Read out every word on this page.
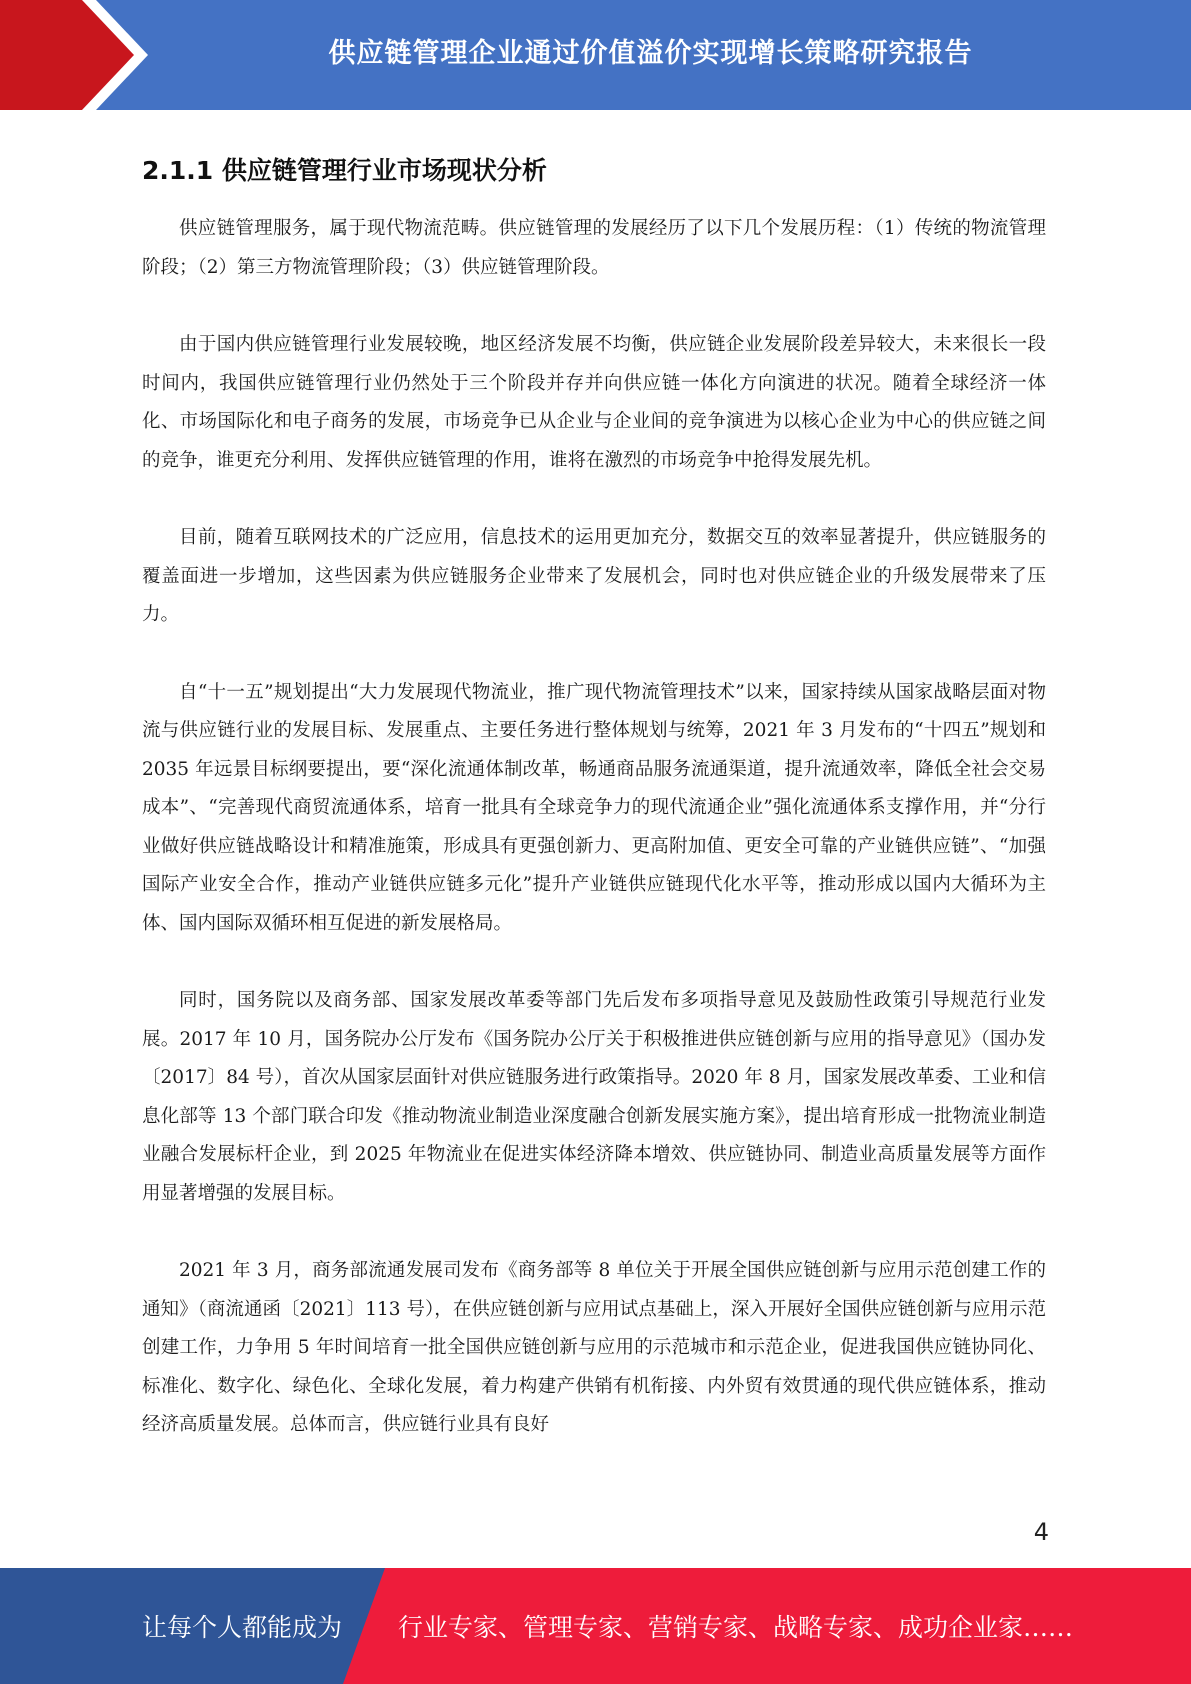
供应链管理企业通过价值溢价实现增长策略研究报告
2.1.1 供应链管理行业市场现状分析

供应链管理服务，属于现代物流范畴。供应链管理的发展经历了以下几个发展历程：（1）传统的物流管理阶段；（2）第三方物流管理阶段；（3）供应链管理阶段。

由于国内供应链管理行业发展较晚，地区经济发展不均衡，供应链企业发展阶段差异较大，未来很长一段时间内，我国供应链管理行业仍然处于三个阶段并存并向供应链一体化方向演进的状况。随着全球经济一体化、市场国际化和电子商务的发展，市场竞争已从企业与企业间的竞争演进为以核心企业为中心的供应链之间的竞争，谁更充分利用、发挥供应链管理的作用，谁将在激烈的市场竞争中抢得发展先机。

目前，随着互联网技术的广泛应用，信息技术的运用更加充分，数据交互的效率显著提升，供应链服务的覆盖面进一步增加，这些因素为供应链服务企业带来了发展机会，同时也对供应链企业的升级发展带来了压力。

自“十一五”规划提出“大力发展现代物流业，推广现代物流管理技术”以来，国家持续从国家战略层面对物流与供应链行业的发展目标、发展重点、主要任务进行整体规划与统筹，2021 年 3 月发布的“十四五”规划和 2035 年远景目标纲要提出，要“深化流通体制改革，畅通商品服务流通渠道，提升流通效率，降低全社会交易成本”、“完善现代商贸流通体系，培育一批具有全球竞争力的现代流通企业”强化流通体系支撑作用，并“分行业做好供应链战略设计和精准施策，形成具有更强创新力、更高附加值、更安全可靠的产业链供应链”、“加强国际产业安全合作，推动产业链供应链多元化”提升产业链供应链现代化水平等，推动形成以国内大循环为主体、国内国际双循环相互促进的新发展格局。

同时，国务院以及商务部、国家发展改革委等部门先后发布多项指导意见及鼓励性政策引导规范行业发展。2017 年 10 月，国务院办公厅发布《国务院办公厅关于积极推进供应链创新与应用的指导意见》（国办发〔2017〕84 号），首次从国家层面针对供应链服务进行政策指导。2020 年 8 月，国家发展改革委、工业和信息化部等 13 个部门联合印发《推动物流业制造业深度融合创新发展实施方案》，提出培育形成一批物流业制造业融合发展标杆企业，到 2025 年物流业在促进实体经济降本增效、供应链协同、制造业高质量发展等方面作用显著增强的发展目标。

2021 年 3 月，商务部流通发展司发布《商务部等 8 单位关于开展全国供应链创新与应用示范创建工作的通知》（商流通函〔2021〕113 号），在供应链创新与应用试点基础上，深入开展好全国供应链创新与应用示范创建工作，力争用 5 年时间培育一批全国供应链创新与应用的示范城市和示范企业，促进我国供应链协同化、标准化、数字化、绿色化、全球化发展，着力构建产供销有机衔接、内外贸有效贯通的现代供应链体系，推动经济高质量发展。总体而言，供应链行业具有良好

4
让每个人都能成为 行业专家、管理专家、营销专家、战略专家、成功企业家……
